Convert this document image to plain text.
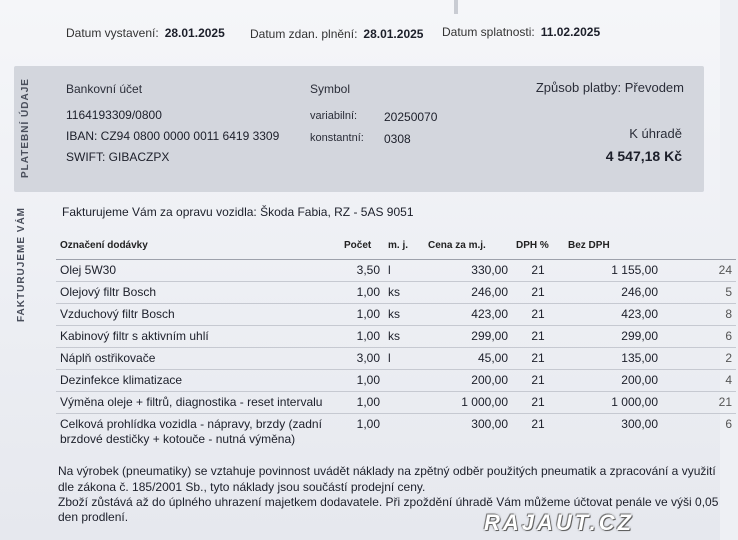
Datum vystavení: 28.01.2025 Datum zdan. plnění: 28.01.2025 Datum splatnosti: 11.02.2025
PLATEBNÍ ÚDAJE	Bankovní účet
1164193309/0800
IBAN: CZ94 0800 0000 0011 6419 3309
SWIFT: GIBACZPX
Symbol
variabilní: 20250070
konstantní: 0308
Způsob platby: Převodem
K úhradě
4 547,18 Kč
FAKTURUJEME VÁM	Fakturujeme Vám za opravu vozidla: Škoda Fabia, RZ - 5AS 9051
Označení dodávky	Počet	m. j.	Cena za m.j.	DPH %	Bez DPH	
Olej 5W30	3,50	l	330,00	21	1 155,00	24
Olejový filtr Bosch	1,00	ks	246,00	21	246,00	5
Vzduchový filtr Bosch	1,00	ks	423,00	21	423,00	8
Kabinový filtr s aktivním uhlí	1,00	ks	299,00	21	299,00	6
Náplň ostřikovače	3,00	l	45,00	21	135,00	2
Dezinfekce klimatizace	1,00		200,00	21	200,00	4
Výměna oleje + filtrů, diagnostika - reset intervalu	1,00		1 000,00	21	1 000,00	21
Celková prohlídka vozidla - nápravy, brzdy (zadní brzdové destičky + kotouče - nutná výměna)	1,00		300,00	21	300,00	6

Na výrobek (pneumatiky) se vztahuje povinnost uvádět náklady na zpětný odběr použitých pneumatik a zpracování a využití

dle zákona č. 185/2001 Sb., tyto náklady jsou součástí prodejní ceny.

Zboží zůstává až do úplného uhrazení majetkem dodavatele. Při zpoždění úhradě Vám můžeme účtovat penále ve výši 0,05

den prodlení.	RAJAUT.CZ
